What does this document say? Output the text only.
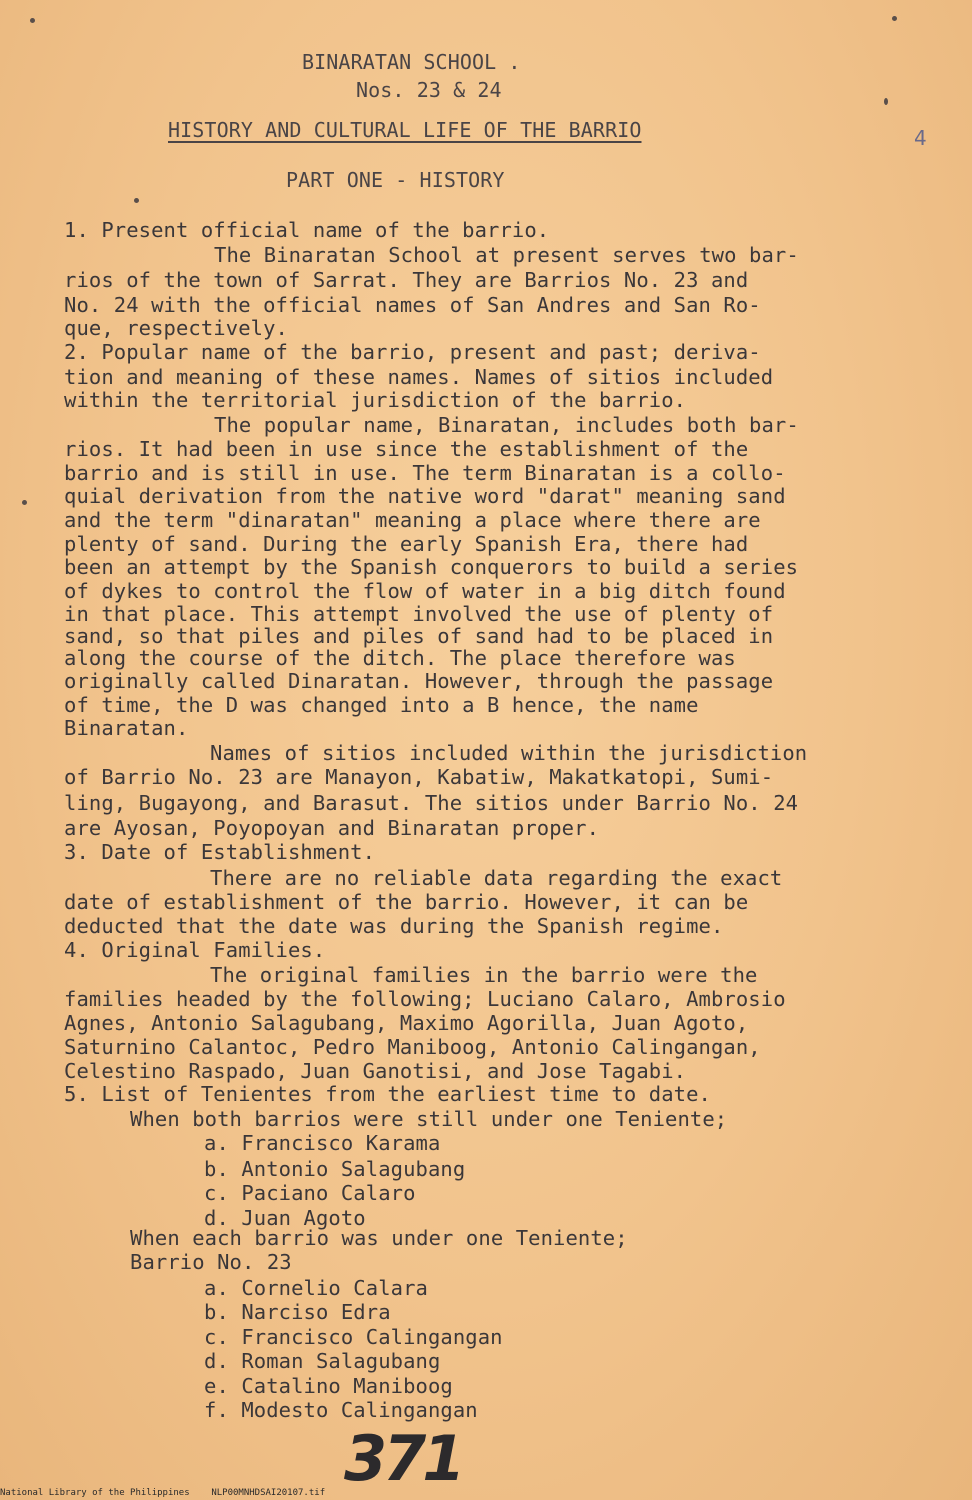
BINARATAN SCHOOL .
Nos. 23 & 24
HISTORY AND CULTURAL LIFE OF THE BARRIO
PART ONE - HISTORY
4
1. Present official name of the barrio.
The Binaratan School at present serves two bar-
rios of the town of Sarrat. They are Barrios No. 23 and
No. 24 with the official names of San Andres and San Ro-
que, respectively.
2. Popular name of the barrio, present and past; deriva-
tion and meaning of these names. Names of sitios included
within the territorial jurisdiction of the barrio.
The popular name, Binaratan, includes both bar-
rios. It had been in use since the establishment of the
barrio and is still in use. The term Binaratan is a collo-
quial derivation from the native word "darat" meaning sand
and the term "dinaratan" meaning a place where there are
plenty of sand. During the early Spanish Era, there had
been an attempt by the Spanish conquerors to build a series
of dykes to control the flow of water in a big ditch found
in that place. This attempt involved the use of plenty of
sand, so that piles and piles of sand had to be placed in
along the course of the ditch. The place therefore was
originally called Dinaratan. However, through the passage
of time, the D was changed into a B hence, the name
Binaratan.
Names of sitios included within the jurisdiction
of Barrio No. 23 are Manayon, Kabatiw, Makatkatopi, Sumi-
ling, Bugayong, and Barasut. The sitios under Barrio No. 24
are Ayosan, Poyopoyan and Binaratan proper.
3. Date of Establishment.
There are no reliable data regarding the exact
date of establishment of the barrio. However, it can be
deducted that the date was during the Spanish regime.
4. Original Families.
The original families in the barrio were the
families headed by the following; Luciano Calaro, Ambrosio
Agnes, Antonio Salagubang, Maximo Agorilla, Juan Agoto,
Saturnino Calantoc, Pedro Maniboog, Antonio Calingangan,
Celestino Raspado, Juan Ganotisi, and Jose Tagabi.
5. List of Tenientes from the earliest time to date.
When both barrios were still under one Teniente;
a. Francisco Karama
b. Antonio Salagubang
c. Paciano Calaro
d. Juan Agoto
When each barrio was under one Teniente;
Barrio No. 23
a. Cornelio Calara
b. Narciso Edra
c. Francisco Calingangan
d. Roman Salagubang
e. Catalino Maniboog
f. Modesto Calingangan
371
National Library of the Philippines    NLP00MNHDSAI20107.tif
